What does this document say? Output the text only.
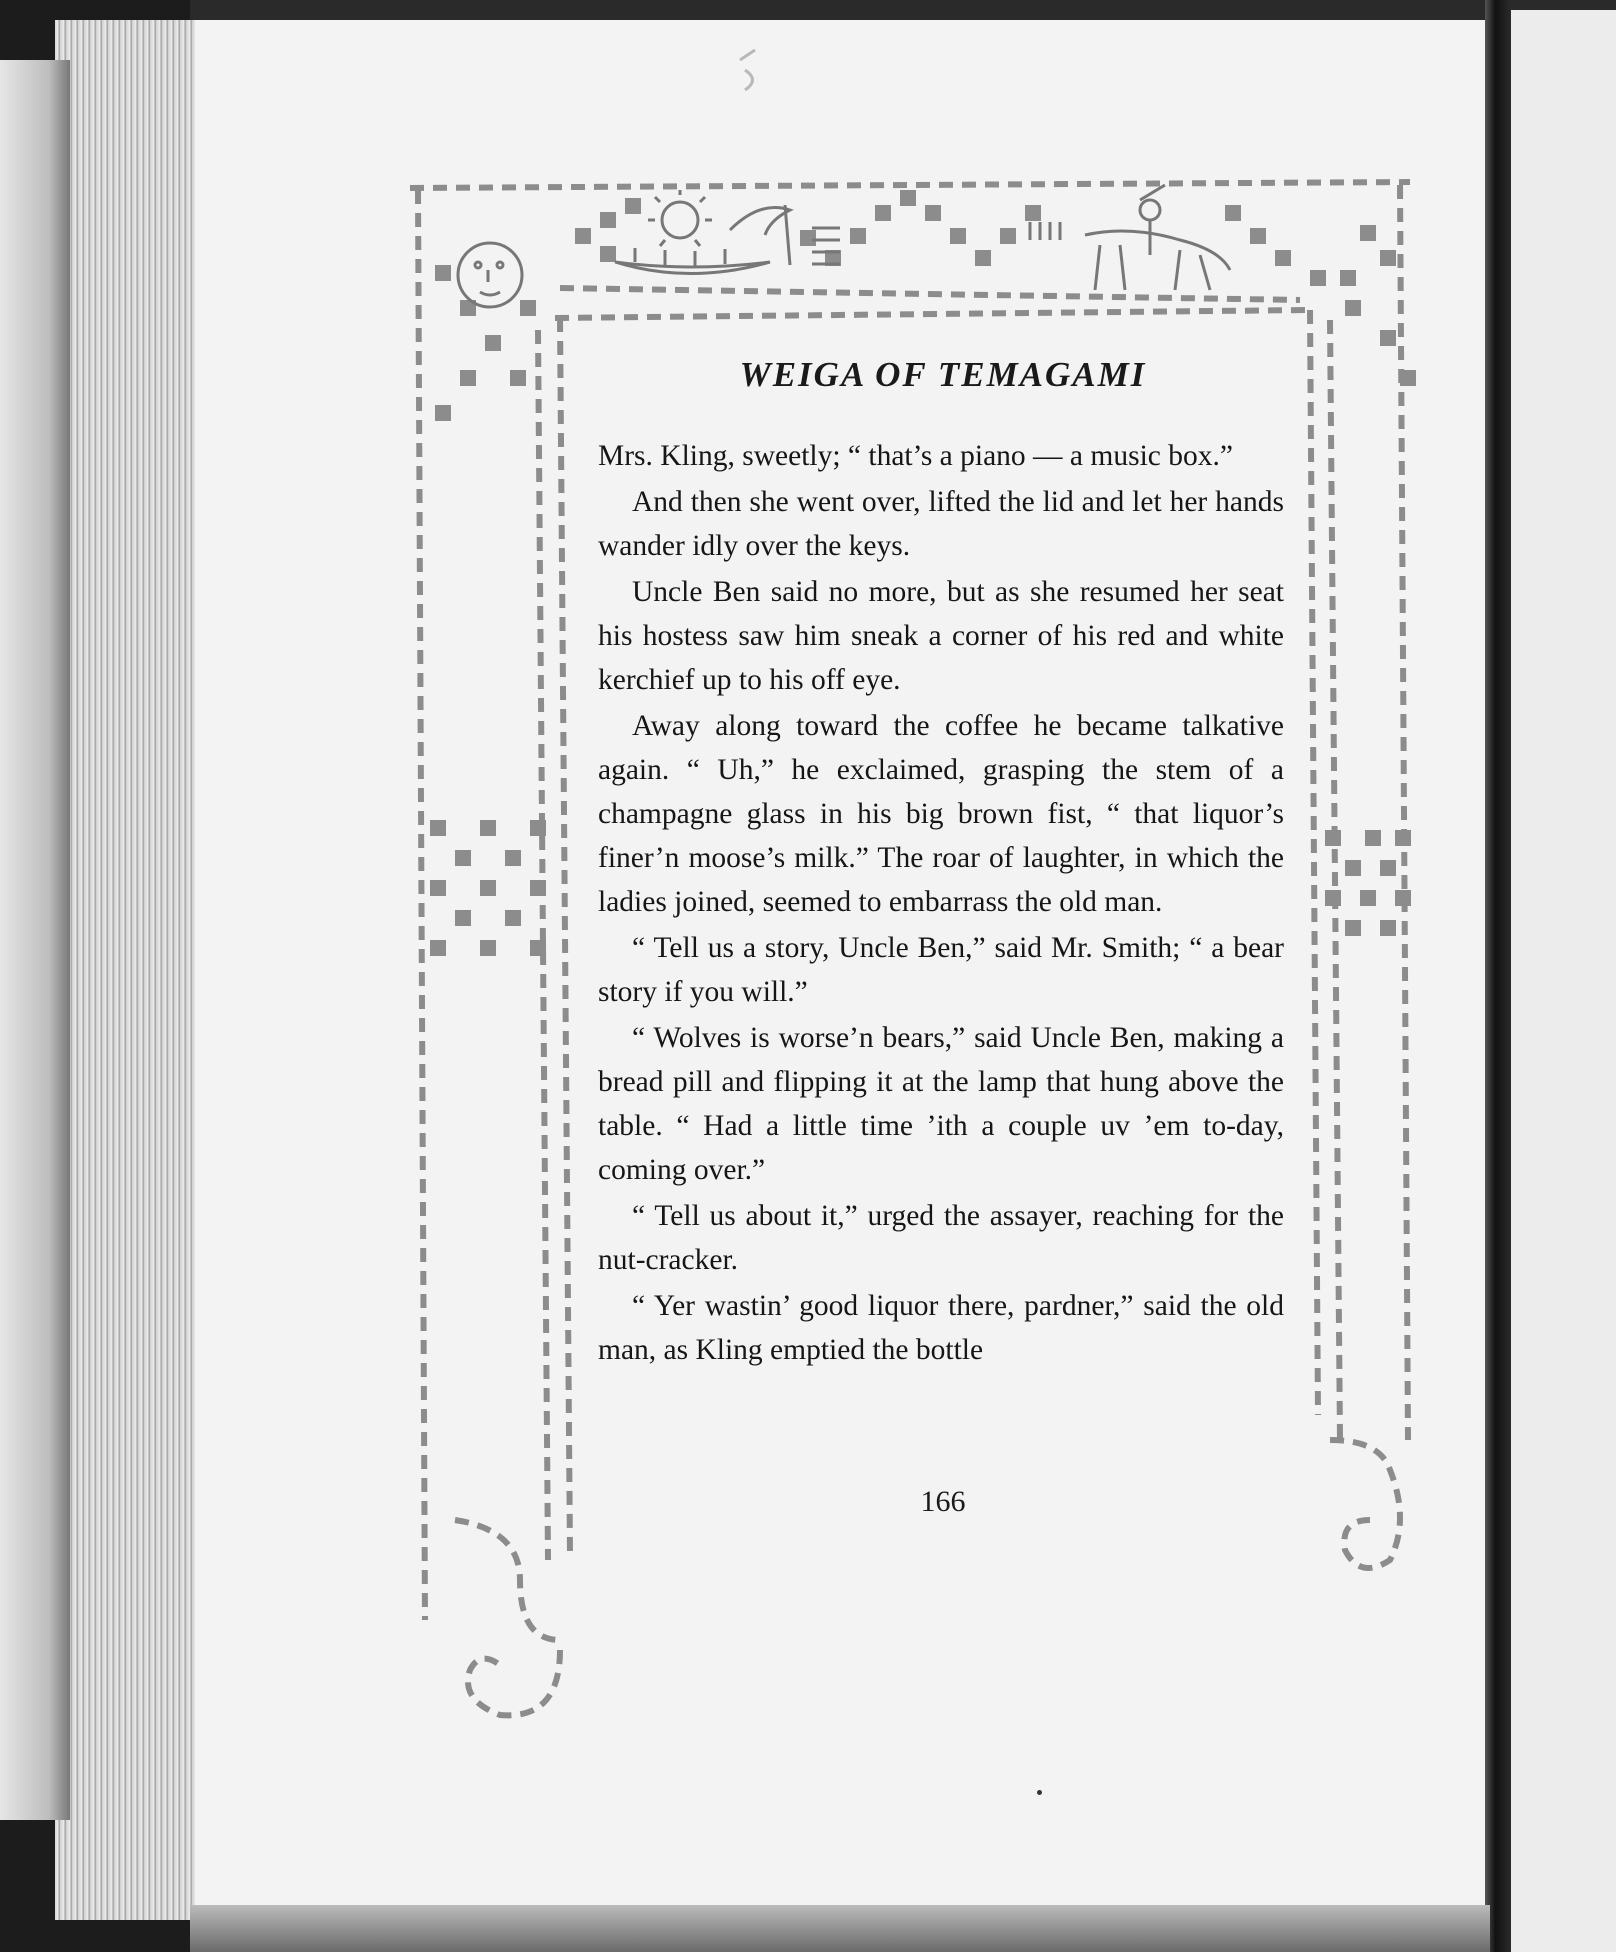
WEIGA OF TEMAGAMI

Mrs. Kling, sweetly; “ that’s a piano — a music box.”

And then she went over, lifted the lid and let her hands wander idly over the keys.

Uncle Ben said no more, but as she resumed her seat his hostess saw him sneak a corner of his red and white kerchief up to his off eye.

Away along toward the coffee he became talkative again. “ Uh,” he exclaimed, grasping the stem of a champagne glass in his big brown fist, “ that liquor’s finer’n moose’s milk.” The roar of laughter, in which the ladies joined, seemed to embarrass the old man.

“ Tell us a story, Uncle Ben,” said Mr. Smith; “ a bear story if you will.”

“ Wolves is worse’n bears,” said Uncle Ben, making a bread pill and flipping it at the lamp that hung above the table. “ Had a little time ’ith a couple uv ’em to-day, coming over.”

“ Tell us about it,” urged the assayer, reaching for the nut-cracker.

“ Yer wastin’ good liquor there, pardner,” said the old man, as Kling emptied the bottle

166
